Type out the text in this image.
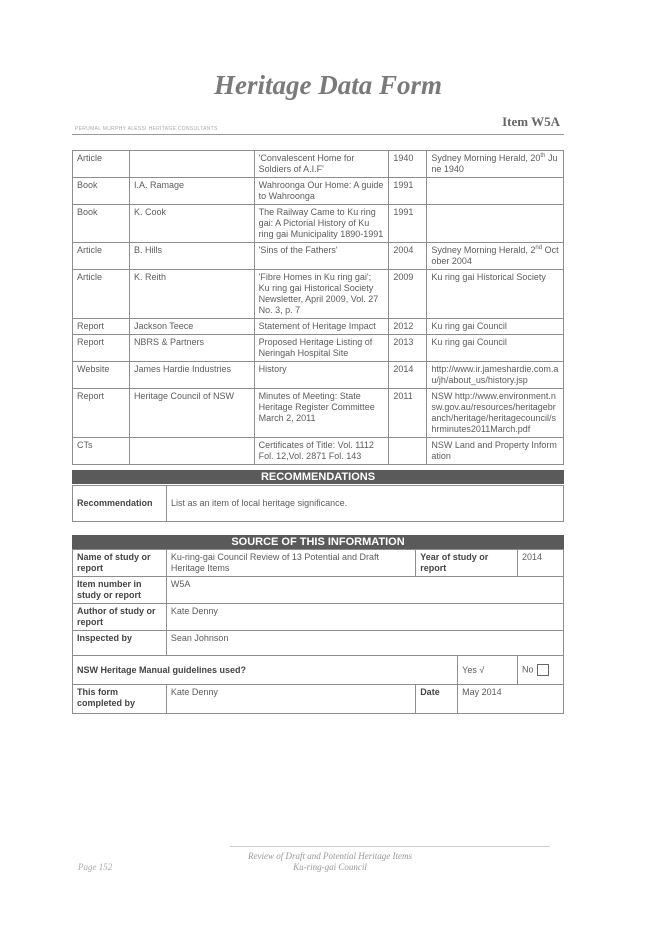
Heritage Data Form
Item W5A
PERUMAL MURPHY ALESSI HERITAGE CONSULTANTS
Article		'Convalescent Home for Soldiers of A.I.F'	1940	Sydney Morning Herald, 20th June 1940
Book	I.A. Ramage	Wahroonga Our Home: A guide to Wahroonga	1991	
Book	K. Cook	The Railway Came to Ku ring gai: A Pictorial History of Ku ring gai Municipality 1890-1991	1991	
Article	B. Hills	'Sins of the Fathers'	2004	Sydney Morning Herald, 2nd October 2004
Article	K. Reith	'Fibre Homes in Ku ring gai'; Ku ring gai Historical Society Newsletter, April 2009, Vol. 27 No. 3, p. 7	2009	Ku ring gai Historical Society
Report	Jackson Teece	Statement of Heritage Impact	2012	Ku ring gai Council
Report	NBRS & Partners	Proposed Heritage Listing of Neringah Hospital Site	2013	Ku ring gai Council
Website	James Hardie Industries	History	2014	http://www.ir.jameshardie.com.au/jh/about_us/history.jsp
Report	Heritage Council of NSW	Minutes of Meeting: State Heritage Register Committee March 2, 2011	2011	NSW http://www.environment.nsw.gov.au/resources/heritagebranch/heritage/heritagecouncil/shrminutes2011March.pdf
CTs		Certificates of Title: Vol. 1112 Fol. 12,Vol. 2871 Fol. 143		NSW Land and Property Information
RECOMMENDATIONS
Recommendation	List as an item of local heritage significance.
SOURCE OF THIS INFORMATION
Name of study or report	Ku-ring-gai Council Review of 13 Potential and Draft Heritage Items	Year of study or report		2014
Item number in study or report	W5A			
Author of study or report	Kate Denny			
Inspected by	Sean Johnson			
NSW Heritage Manual guidelines used?			Yes √	No
This form completed by	Kate Denny	Date	May 2014	
Page 152
Review of Draft and Potential Heritage Items
Ku-ring-gai Council
